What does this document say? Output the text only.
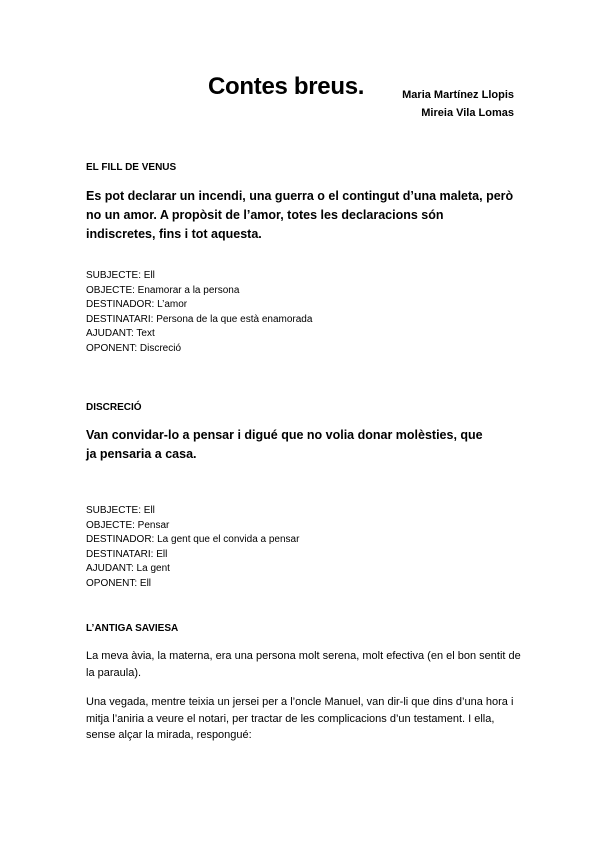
Contes breus.	Maria Martínez Llopis
Mireia Vila Lomas

EL FILL DE VENUS

Es pot declarar un incendi, una guerra o el contingut d’una maleta, però no un amor. A propòsit de l’amor, totes les declaracions són indiscretes, fins i tot aquesta.

SUBJECTE: Ell
OBJECTE: Enamorar a la persona
DESTINADOR: L’amor
DESTINATARI: Persona de la que està enamorada
AJUDANT: Text
OPONENT: Discreció

DISCRECIÓ

Van convidar-lo a pensar i digué que no volia donar molèsties, que ja pensaria a casa.

SUBJECTE: Ell
OBJECTE: Pensar
DESTINADOR: La gent que el convida a pensar
DESTINATARI: Ell
AJUDANT: La gent
OPONENT: Ell

L’ANTIGA SAVIESA

La meva àvia, la materna, era una persona molt serena, molt efectiva (en el bon sentit de la paraula).

Una vegada, mentre teixia un jersei per a l’oncle Manuel, van dir-li que dins d’una hora i mitja l’aniria a veure el notari, per tractar de les complicacions d’un testament. I ella, sense alçar la mirada, respongué:
